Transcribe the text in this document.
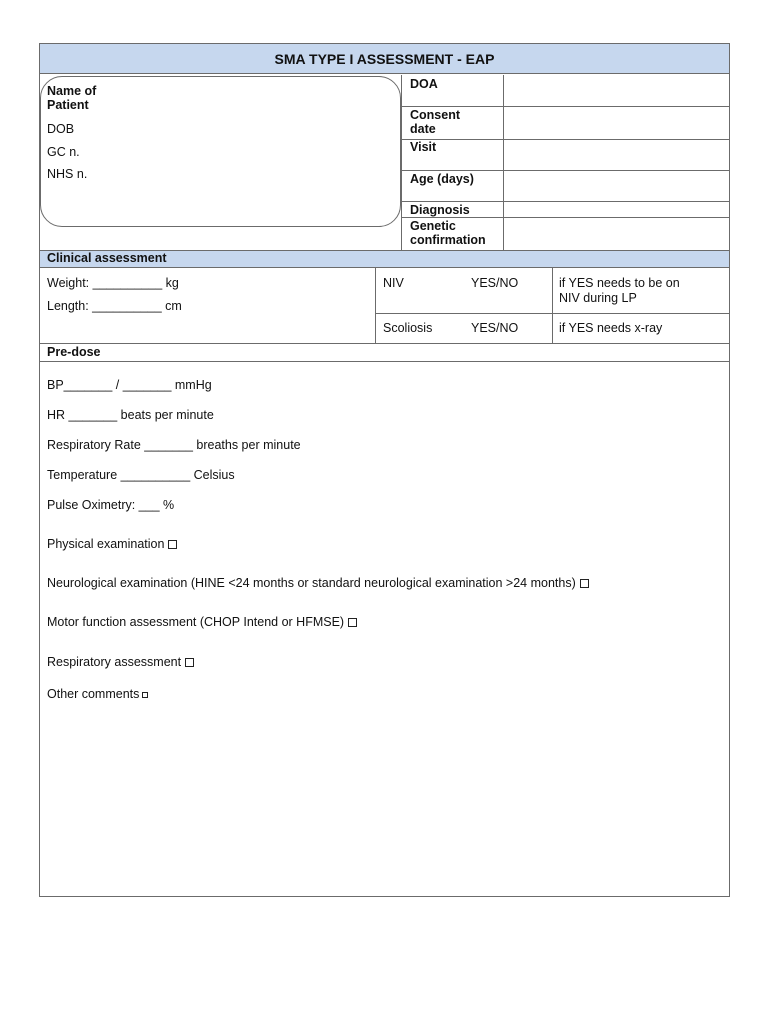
SMA TYPE I ASSESSMENT - EAP
Name of
Patient
DOB
GC n.
NHS n.
DOA
Consent
date
Visit
Age (days)
Diagnosis
Genetic
confirmation
Clinical assessment
Weight: __________ kg
Length: __________ cm
NIV	YES/NO	if YES needs to be on
NIV during LP
Scoliosis	YES/NO	if YES needs x-ray
Pre-dose
BP_______ / _______ mmHg
HR _______ beats per minute
Respiratory Rate _______ breaths per minute
Temperature __________ Celsius
Pulse Oximetry: ___ %
Physical examination
Neurological examination (HINE <24 months or standard neurological examination >24 months)
Motor function assessment (CHOP Intend or HFMSE)
Respiratory assessment
Other comments
